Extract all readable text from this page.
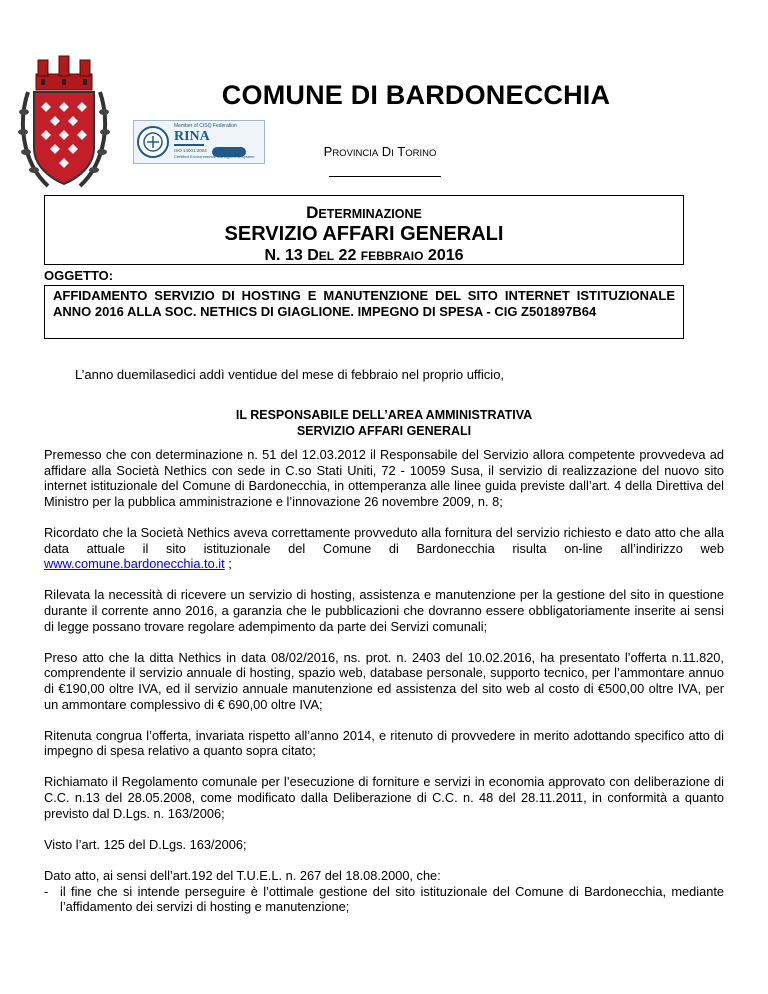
COMUNE DI BARDONECCHIA
Member of CISQ Federation
RINA
ISO 14001:2004
Certified Environmental Management System	PROVINCIA DI TORINO
DETERMINAZIONE
SERVIZIO AFFARI GENERALI
N. 13 DEL 22 FEBBRAIO 2016
OGGETTO:
AFFIDAMENTO SERVIZIO DI HOSTING E MANUTENZIONE DEL SITO INTERNET ISTITUZIONALE ANNO 2016 ALLA SOC. NETHICS DI GIAGLIONE. IMPEGNO DI SPESA - CIG Z501897B64
L’anno duemilasedici addì ventidue del mese di febbraio nel proprio ufficio,
IL RESPONSABILE DELL’AREA AMMINISTRATIVA
SERVIZIO AFFARI GENERALI

Premesso che con determinazione n. 51 del 12.03.2012 il Responsabile del Servizio allora competente provvedeva ad affidare alla Società Nethics con sede in C.so Stati Uniti, 72 - 10059 Susa, il servizio di realizzazione del nuovo sito internet istituzionale del Comune di Bardonecchia, in ottemperanza alle linee guida previste dall’art. 4 della Direttiva del Ministro per la pubblica amministrazione e l’innovazione 26 novembre 2009, n. 8;

Ricordato che la Società Nethics aveva correttamente provveduto alla fornitura del servizio richiesto e dato atto che alla data attuale il sito istituzionale del Comune di Bardonecchia risulta on-line all’indirizzo web www.comune.bardonecchia.to.it ;

Rilevata la necessità di ricevere un servizio di hosting, assistenza e manutenzione per la gestione del sito in questione durante il corrente anno 2016, a garanzia che le pubblicazioni che dovranno essere obbligatoriamente inserite ai sensi di legge possano trovare regolare adempimento da parte dei Servizi comunali;

Preso atto che la ditta Nethics in data 08/02/2016, ns. prot. n. 2403 del 10.02.2016, ha presentato l’offerta n.11.820, comprendente il servizio annuale di hosting, spazio web, database personale, supporto tecnico, per l’ammontare annuo di €190,00 oltre IVA, ed il servizio annuale manutenzione ed assistenza del sito web al costo di €500,00 oltre IVA, per un ammontare complessivo di € 690,00 oltre IVA;

Ritenuta congrua l’offerta, invariata rispetto all’anno 2014, e ritenuto di provvedere in merito adottando specifico atto di impegno di spesa relativo a quanto sopra citato;

Richiamato il Regolamento comunale per l’esecuzione di forniture e servizi in economia approvato con deliberazione di C.C. n.13 del 28.05.2008, come modificato dalla Deliberazione di C.C. n. 48 del 28.11.2011, in conformità a quanto previsto dal D.Lgs. n. 163/2006;

Visto l’art. 125 del D.Lgs. 163/2006;

Dato atto, ai sensi dell’art.192 del T.U.E.L. n. 267 del 18.08.2000, che:
- il fine che si intende perseguire è l’ottimale gestione del sito istituzionale del Comune di Bardonecchia, mediante l’affidamento dei servizi di hosting e manutenzione;
